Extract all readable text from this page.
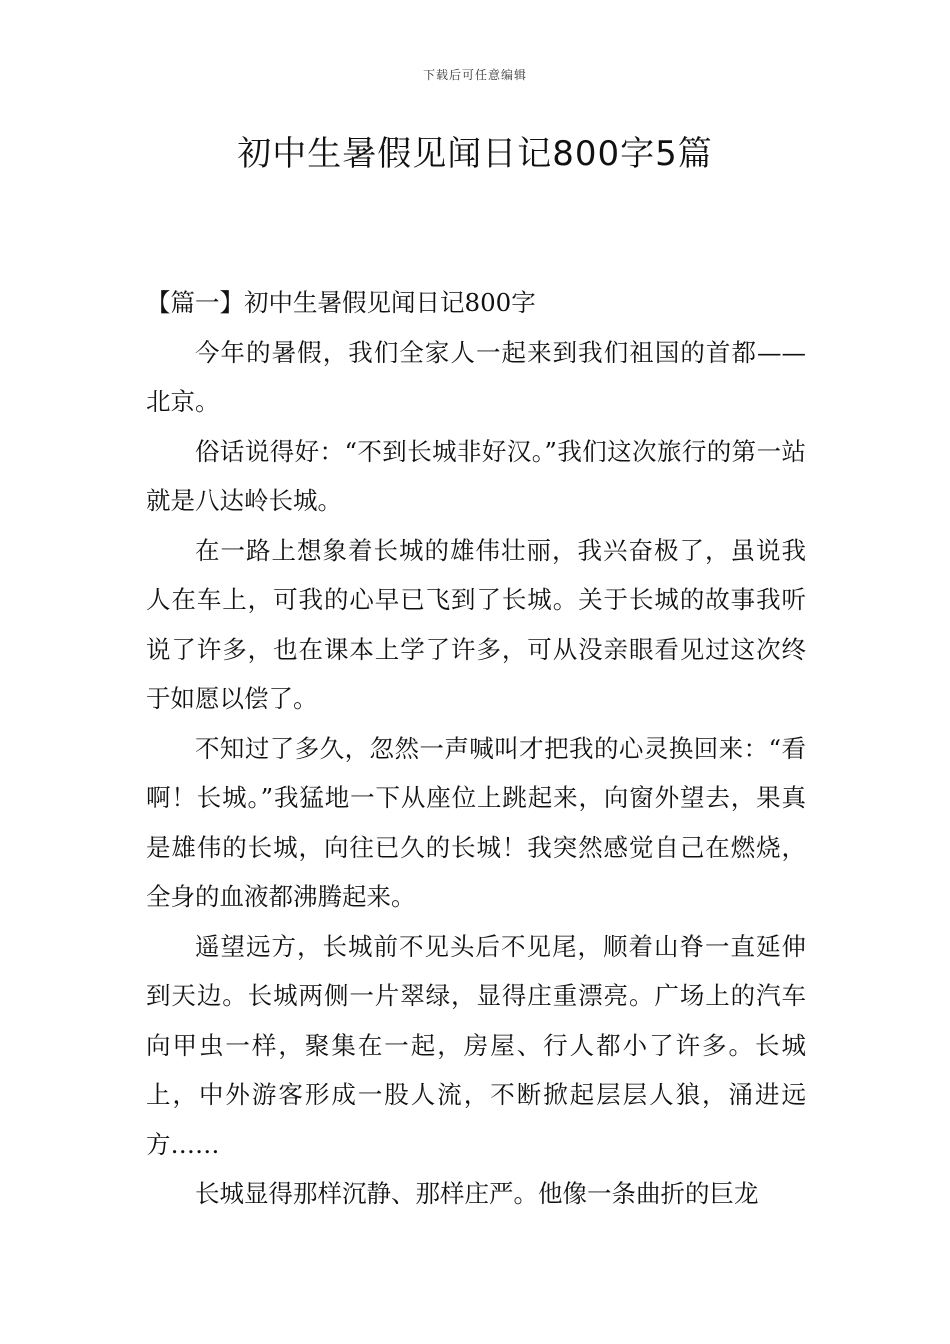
下载后可任意编辑
初中生暑假见闻日记800字5篇

【篇一】初中生暑假见闻日记800字

今年的暑假，我们全家人一起来到我们祖国的首都——北京。

俗话说得好：“不到长城非好汉。”我们这次旅行的第一站就是八达岭长城。

在一路上想象着长城的雄伟壮丽，我兴奋极了，虽说我人在车上，可我的心早已飞到了长城。关于长城的故事我听说了许多，也在课本上学了许多，可从没亲眼看见过这次终于如愿以偿了。

不知过了多久，忽然一声喊叫才把我的心灵换回来：“看啊！长城。”我猛地一下从座位上跳起来，向窗外望去，果真是雄伟的长城，向往已久的长城！我突然感觉自己在燃烧，全身的血液都沸腾起来。

遥望远方，长城前不见头后不见尾，顺着山脊一直延伸到天边。长城两侧一片翠绿，显得庄重漂亮。广场上的汽车向甲虫一样，聚集在一起，房屋、行人都小了许多。长城上，中外游客形成一股人流，不断掀起层层人狼，涌进远方……

长城显得那样沉静、那样庄严。他像一条曲折的巨龙
